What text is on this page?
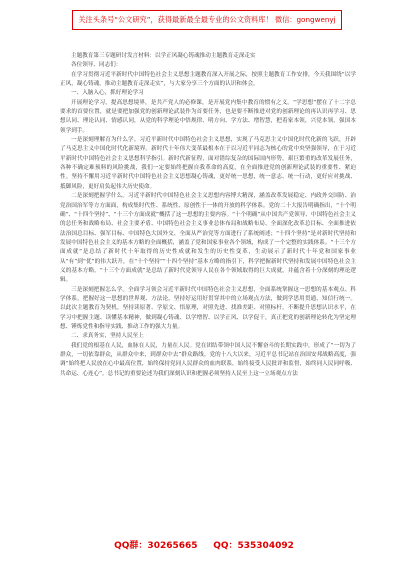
关注头条号“公文研究”，获得最新最全最专业的公文资料库！ 微信：gongwenyj

主题教育第三专题研讨发言材料：以学正风凝心铸魂推动主题教育走深走实

各位领导、同志们：

在学习贯彻习近平新时代中国特色社会主义思想主题教育深入开展之际，按照主题教育工作安排，今天我围绕“以学正风，凝心铸魂，推动主题教育走深走实”，与大家分享三个方面的认识和体会。

一、入脑入心，抓好理论学习

开展理论学习，提高思想境界，是共产党人的必修课，是开展党内集中教育的惯有之义。“学思想”摆在了十二字总要求的首要位置，就是要把加强党的创新理论武装作为首要任务，也是要不断推进对党的创新理论的再认识再学习、思想认同、理论认同、情感认同，从党的科学理论中悟规律、明方向、学方法、增智慧，把着家本领，兴党本领，强国本领学到手。

一是深刻理解育为什么学。习近平新时代中国特色社会主义思想，实现了马克思主义中国化时代化新的飞跃，开辟了马克思主义中国化时代化新境界。新时代十年伟大变革最根本在于以习近平同志为核心的党中央坚强领导，在于习近平新时代中国特色社会主义思想科学指引。新时代新征程，面对错综复杂的国际国内形势，艰巨繁重的改革发展任务，各种不确定难预料的风险挑战，我们一定要始终把握自我革命的高度，在全面推进党的创新理论武装的重要性、紧迫性。坚持不懈用习近平新时代中国特色社会主义思想凝心铸魂，更好统一思想，统一意志、统一行动，更好应对挑战、抵御风险，更好肩负起伟大历史使命。

二是深刻把握学什么。习近平新时代中国特色社会主义思想内容博大精深，涵盖改革发展稳定、内政外交国防、治党治国治军等方方面面，构成集时代性、系统性、原创性于一体的开放的科学体系。党的二十大报告明确指出，“十个明确”、“十四个坚持”、“十三个方面成就”概括了这一思想的主要内容。“十个明确”从中国共产党领导、中国特色社会主义的总任务和战略布局、社会主要矛盾、中国特色社会主义事业总体布局和战略布局、全面深化改革总目标、全面推进依法治国总目标、强军目标、中国特色大国外交、全面从严治党等方面进行了系统阐述；“十四个坚持”是对新时代坚持和发展中国特色社会主义的基本方略的全面概括，涵盖了党和国家事业各个领域，构成了一个完整的实践体系。“十三个方面成就”是总结了新时代十年取得的历史性成就和发生的历史性变革，生动展示了新时代十年党和国家事业从“有”到“优”的伟大跃升，在“十个坚持”“十四个坚持”基本方略的指引下，科学把握新时代坚持和发展中国特色社会主义的基本方略。“十三个方面成就”是总结了新时代党领导人民在各个领域取得的巨大成就，并蕴含着十分深刻的理论逻辑。

三是深刻把握怎么学。全面学习领会习近平新时代中国特色社会主义思想，全面系统掌握这一思想的基本观点、科学体系，把握好这一思想的世界观、方法论，坚持好运用好贯穿其中的立场观点方法，做到学思用贯通、知信行统一。以此次主题教育为契机，坚持读原著、学原文、悟原理，对照先进、找准差距、对照标杆，不断提升思想认识水平，在学习中把握主题、读懂基本精神，做到凝心铸魂、以学增智、以学正风、以学促干，真正把党的创新理论转化为坚定理想、锤炼党性和指导实践、推动工作的强大力量。

二、求真务实，坚持人民至上

我们党的根基在人民，血脉在人民，力量在人民。党在团结带领中国人民不懈奋斗的长期实践中，形成了“一切为了群众，一切依靠群众，从群众中来，到群众中去”群众路线。党的十八大以来，习近平总书记站在治国安邦战略高度，强调“始终把人民放在心中最高位置，始终保持党同人民群众的血肉联系，始终接受人民批评和监督，始终同人民同呼吸、共命运、心连心”。总书记的重要论述为我们深刻认识和把握必须坚持人民至上这一立场观点方法

QQ群：30265665 QQ：535304092
